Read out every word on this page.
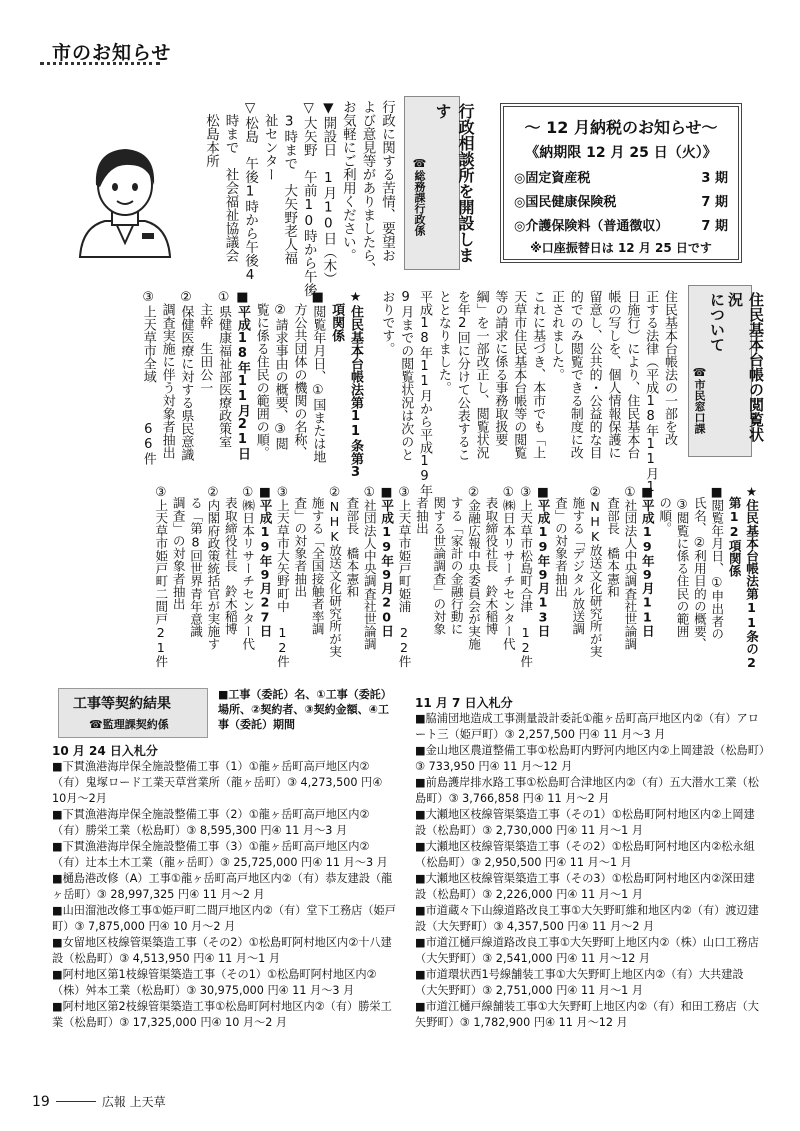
市のお知らせ
～ 12 月納税のお知らせ～
《納期限 12 月 25 日（火）》
◎固定資産税	3 期
◎国民健康保険税	7 期
◎介護保険料（普通徴収）	7 期
※口座振替日は 12 月 25 日です
行政相談所を開設します
☎総務課行政係
行政に関する苦情、要望お
よび意見等がありましたら、
お気軽にご利用ください。
▼開設日　1月10日（木）
▽大矢野　午前10時から午後
　3時まで　大矢野老人福
　祉センター
▽松島　午後1時から午後4
　時まで　社会福祉協議会
　松島本所
住民基本台帳の閲覧状況
について
☎市民窓口課
住民基本台帳法の一部を改
正する法律（平成18年11月1
日施行）により、住民基本台
帳の写しを、個人情報保護に
留意し、公共的・公益的な目
的でのみ閲覧できる制度に改
正されました。
これに基づき、本市でも「上
天草市住民基本台帳等の閲覧
等の請求に係る事務取扱要
綱」を一部改正し、閲覧状況
を年2回に分けて公表するこ
ととなりました。
平成18年11月から平成19年
9月までの閲覧状況は次のと
おりです。
★住民基本台帳法第11条第3
　項関係
■閲覧年月日、①国または地
　方公共団体の機関の名称、
　②請求事由の概要、③閲
　覧に係る住民の範囲の順。
■平成18年11月21日
①県健康福祉部医療政策室
　主幹　生田公一
②保健医療に対する県民意識
　調査実施に伴う対象者抽出
③上天草市全域　　　66件
★住民基本台帳法第11条の2
　第12項関係
■閲覧年月日、①申出者の
　氏名、②利用目的の概要、
　③閲覧に係る住民の範囲
　の順。
■平成19年9月11日
①社団法人中央調査社世論調
　査部長　橋本憲和
②NHK放送文化研究所が実
　施する「デジタル放送調
　査」の対象者抽出
■平成19年9月13日
③上天草市松島町合津　12件
①㈱日本リサーチセンター代
　表取締役社長　鈴木稲博
②金融広報中央委員会が実施
　する「家計の金融行動に
　関する世論調査」の対象
　者抽出
③上天草市姫戸町姫浦　22件
■平成19年9月20日
①社団法人中央調査社世論調
　査部長　橋本憲和
②NHK放送文化研究所が実
　施する「全国接触者率調
　査」の対象者抽出
③上天草市大矢野町中　12件
■平成19年9月27日
①㈱日本リサーチセンター代
　表取締役社長　鈴木稲博
②内閣府政策統括官が実施す
　る「第8回世界青年意識
　調査」の対象者抽出
③上天草市姫戸町二間戸21件
工事等契約結果
☎監理課契約係
■工事（委託）名、①工事（委託）場所、②契約者、③契約金額、④工事（委託）期間
10 月 24 日入札分

■下貫漁港海岸保全施設整備工事（1）①龍ヶ岳町高戸地区内②（有）鬼塚ロード工業天草営業所（龍ヶ岳町）③ 4,273,500 円④ 10月～2月

■下貫漁港海岸保全施設整備工事（2）①龍ヶ岳町高戸地区内②（有）勝栄工業（松島町）③ 8,595,300 円④ 11 月～3 月

■下貫漁港海岸保全施設整備工事（3）①龍ヶ岳町高戸地区内②（有）辻本土木工業（龍ヶ岳町）③ 25,725,000 円④ 11 月～3 月

■樋島港改修（A）工事①龍ヶ岳町高戸地区内②（有）恭友建設（龍ヶ岳町）③ 28,997,325 円④ 11 月～2 月

■山田溜池改修工事①姫戸町二間戸地区内②（有）堂下工務店（姫戸町）③ 7,875,000 円④ 10 月～2 月

■女留地区枝線管渠築造工事（その2）①松島町阿村地区内②十八建設（松島町）③ 4,513,950 円④ 11 月～1 月

■阿村地区第1枝線管渠築造工事（その1）①松島町阿村地区内②（株）舛本工業（松島町）③ 30,975,000 円④ 11 月～3 月

■阿村地区第2枝線管渠築造工事①松島町阿村地区内②（有）勝栄工業（松島町）③ 17,325,000 円④ 10 月～2 月

11 月 7 日入札分

■脇浦団地造成工事測量設計委託①龍ヶ岳町高戸地区内②（有）アロート三（姫戸町）③ 2,257,500 円④ 11 月～3 月

■金山地区農道整備工事①松島町内野河内地区内②上岡建設（松島町）③ 733,950 円④ 11 月～12 月

■前島護岸排水路工事①松島町合津地区内②（有）五大潜水工業（松島町）③ 3,766,858 円④ 11 月～2 月

■大瀬地区枝線管渠築造工事（その1）①松島町阿村地区内②上岡建設（松島町）③ 2,730,000 円④ 11 月～1 月

■大瀬地区枝線管渠築造工事（その2）①松島町阿村地区内②松永組（松島町）③ 2,950,500 円④ 11 月～1 月

■大瀬地区枝線管渠築造工事（その3）①松島町阿村地区内②深田建設（松島町）③ 2,226,000 円④ 11 月～1 月

■市道蔵々下山線道路改良工事①大矢野町維和地区内②（有）渡辺建設（大矢野町）③ 4,357,500 円④ 11 月～2 月

■市道江樋戸線道路改良工事①大矢野町上地区内②（株）山口工務店（大矢野町）③ 2,541,000 円④ 11 月～12 月

■市道環状西1号線舗装工事①大矢野町上地区内②（有）大共建設（大矢野町）③ 2,751,000 円④ 11 月～1 月

■市道江樋戸線舗装工事①大矢野町上地区内②（有）和田工務店（大矢野町）③ 1,782,900 円④ 11 月～12 月

19	広報 上天草
